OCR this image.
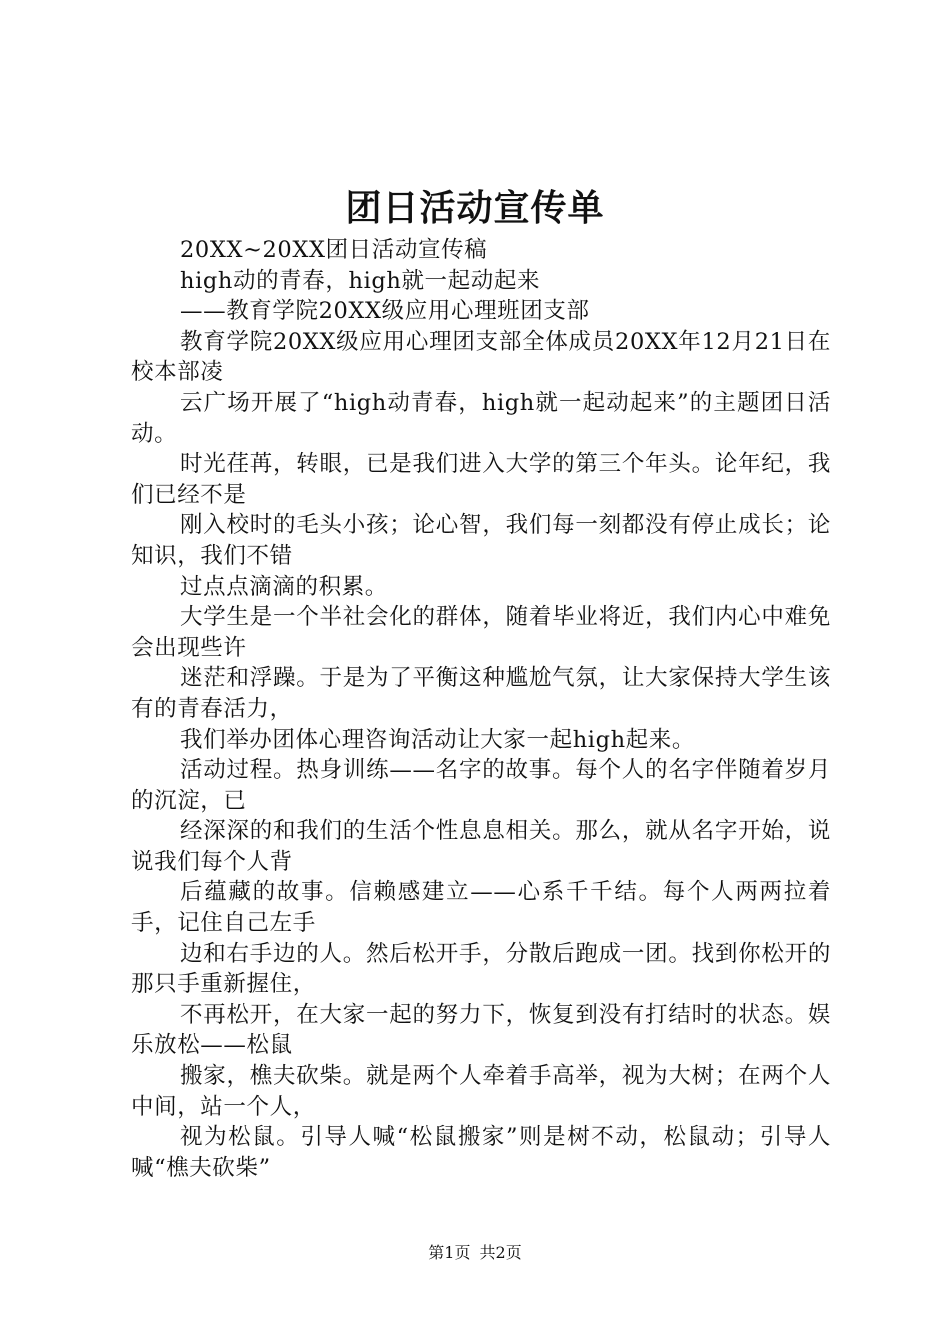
团日活动宣传单

20XX~20XX团日活动宣传稿

high动的青春，high就一起动起来

——教育学院20XX级应用心理班团支部

教育学院20XX级应用心理团支部全体成员20XX年12月21日在校本部凌

云广场开展了“high动青春，high就一起动起来”的主题团日活动。

时光荏苒，转眼，已是我们进入大学的第三个年头。论年纪，我们已经不是

刚入校时的毛头小孩；论心智，我们每一刻都没有停止成长；论知识，我们不错

过点点滴滴的积累。

大学生是一个半社会化的群体，随着毕业将近，我们内心中难免会出现些许

迷茫和浮躁。于是为了平衡这种尴尬气氛，让大家保持大学生该有的青春活力，

我们举办团体心理咨询活动让大家一起high起来。

活动过程。热身训练——名字的故事。每个人的名字伴随着岁月的沉淀，已

经深深的和我们的生活个性息息相关。那么，就从名字开始，说说我们每个人背

后蕴藏的故事。信赖感建立——心系千千结。每个人两两拉着手，记住自己左手

边和右手边的人。然后松开手，分散后跑成一团。找到你松开的那只手重新握住，

不再松开，在大家一起的努力下，恢复到没有打结时的状态。娱乐放松——松鼠

搬家，樵夫砍柴。就是两个人牵着手高举，视为大树；在两个人中间，站一个人，

视为松鼠。引导人喊“松鼠搬家”则是树不动，松鼠动；引导人喊“樵夫砍柴”

第1页 共2页
